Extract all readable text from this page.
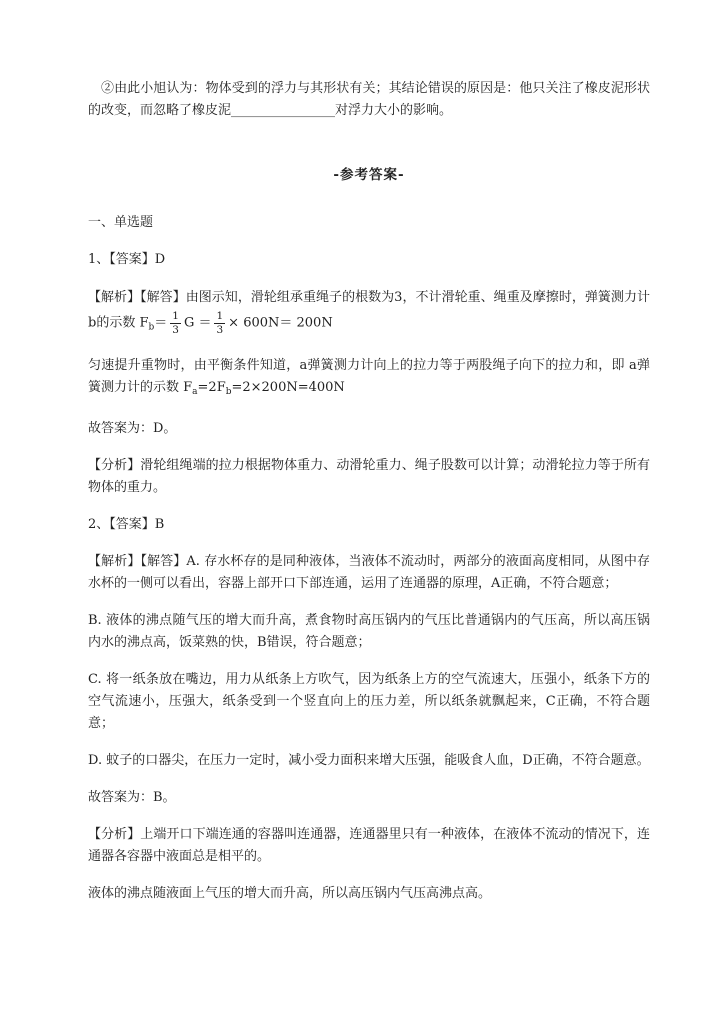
②由此小旭认为：物体受到的浮力与其形状有关；其结论错误的原因是：他只关注了橡皮泥形状的改变，而忽略了橡皮泥________________对浮力大小的影响。

-参考答案-

一、单选题

1、【答案】D

【解析】【解答】由图示知，滑轮组承重绳子的根数为3，不计滑轮重、绳重及摩擦时，弹簧测力计b的示数 $F_b= \frac{1}{3}$ $G = \frac{1}{3} \times 600N= 200N$

匀速提升重物时，由平衡条件知道，a弹簧测力计向上的拉力等于两股绳子向下的拉力和，即 a弹簧测力计的示数 $F_a=2F_b=2\times 200N=400N$

故答案为：D。

【分析】滑轮组绳端的拉力根据物体重力、动滑轮重力、绳子股数可以计算；动滑轮拉力等于所有物体的重力。

2、【答案】B

【解析】【解答】A. 存水杯存的是同种液体，当液体不流动时，两部分的液面高度相同，从图中存水杯的一侧可以看出，容器上部开口下部连通，运用了连通器的原理，A正确，不符合题意；

B. 液体的沸点随气压的增大而升高，煮食物时高压锅内的气压比普通锅内的气压高，所以高压锅内水的沸点高，饭菜熟的快，B错误，符合题意；

C. 将一纸条放在嘴边，用力从纸条上方吹气，因为纸条上方的空气流速大，压强小，纸条下方的空气流速小，压强大，纸条受到一个竖直向上的压力差，所以纸条就飘起来，C正确，不符合题意；

D. 蚊子的口器尖，在压力一定时，减小受力面积来增大压强，能吸食人血，D正确，不符合题意。

故答案为：B。

【分析】上端开口下端连通的容器叫连通器，连通器里只有一种液体，在液体不流动的情况下，连通器各容器中液面总是相平的。

液体的沸点随液面上气压的增大而升高，所以高压锅内气压高沸点高。
